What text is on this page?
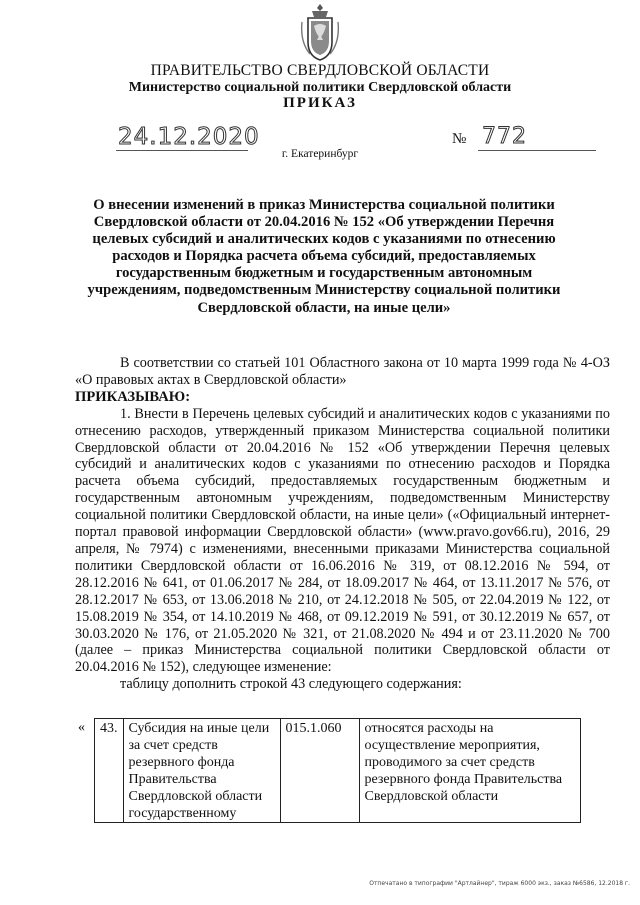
ПРАВИТЕЛЬСТВО СВЕРДЛОВСКОЙ ОБЛАСТИ
Министерство социальной политики Свердловской области
ПРИКАЗ
24.12.2020	№ 772
г. Екатеринбург
О внесении изменений в приказ Министерства социальной политики Свердловской области от 20.04.2016 № 152 «Об утверждении Перечня целевых субсидий и аналитических кодов с указаниями по отнесению расходов и Порядка расчета объема субсидий, предоставляемых государственным бюджетным и государственным автономным учреждениям, подведомственным Министерству социальной политики Свердловской области, на иные цели»

В соответствии со статьей 101 Областного закона от 10 марта 1999 года № 4-ОЗ «О правовых актах в Свердловской области»

ПРИКАЗЫВАЮ:

1. Внести в Перечень целевых субсидий и аналитических кодов с указаниями по отнесению расходов, утвержденный приказом Министерства социальной политики Свердловской области от 20.04.2016 № 152 «Об утверждении Перечня целевых субсидий и аналитических кодов с указаниями по отнесению расходов и Порядка расчета объема субсидий, предоставляемых государственным бюджетным и государственным автономным учреждениям, подведомственным Министерству социальной политики Свердловской области, на иные цели» («Официальный интернет-портал правовой информации Свердловской области» (www.pravo.gov66.ru), 2016, 29 апреля, № 7974) с изменениями, внесенными приказами Министерства социальной политики Свердловской области от 16.06.2016 № 319, от 08.12.2016 № 594, от 28.12.2016 № 641, от 01.06.2017 № 284, от 18.09.2017 № 464, от 13.11.2017 № 576, от 28.12.2017 № 653, от 13.06.2018 № 210, от 24.12.2018 № 505, от 22.04.2019 № 122, от 15.08.2019 № 354, от 14.10.2019 № 468, от 09.12.2019 № 591, от 30.12.2019 № 657, от 30.03.2020 № 176, от 21.05.2020 № 321, от 21.08.2020 № 494 и от 23.11.2020 № 700 (далее – приказ Министерства социальной политики Свердловской области от 20.04.2016 № 152), следующее изменение:

таблицу дополнить строкой 43 следующего содержания:

« 43.	Субсидия на иные цели за счет средств резервного фонда Правительства Свердловской области государственному	015.1.060	относятся расходы на осуществление мероприятия, проводимого за счет средств резервного фонда Правительства Свердловской области
Отпечатано в типографии "Артлайнер", тираж 6000 экз., заказ №6586, 12.2018 г.
